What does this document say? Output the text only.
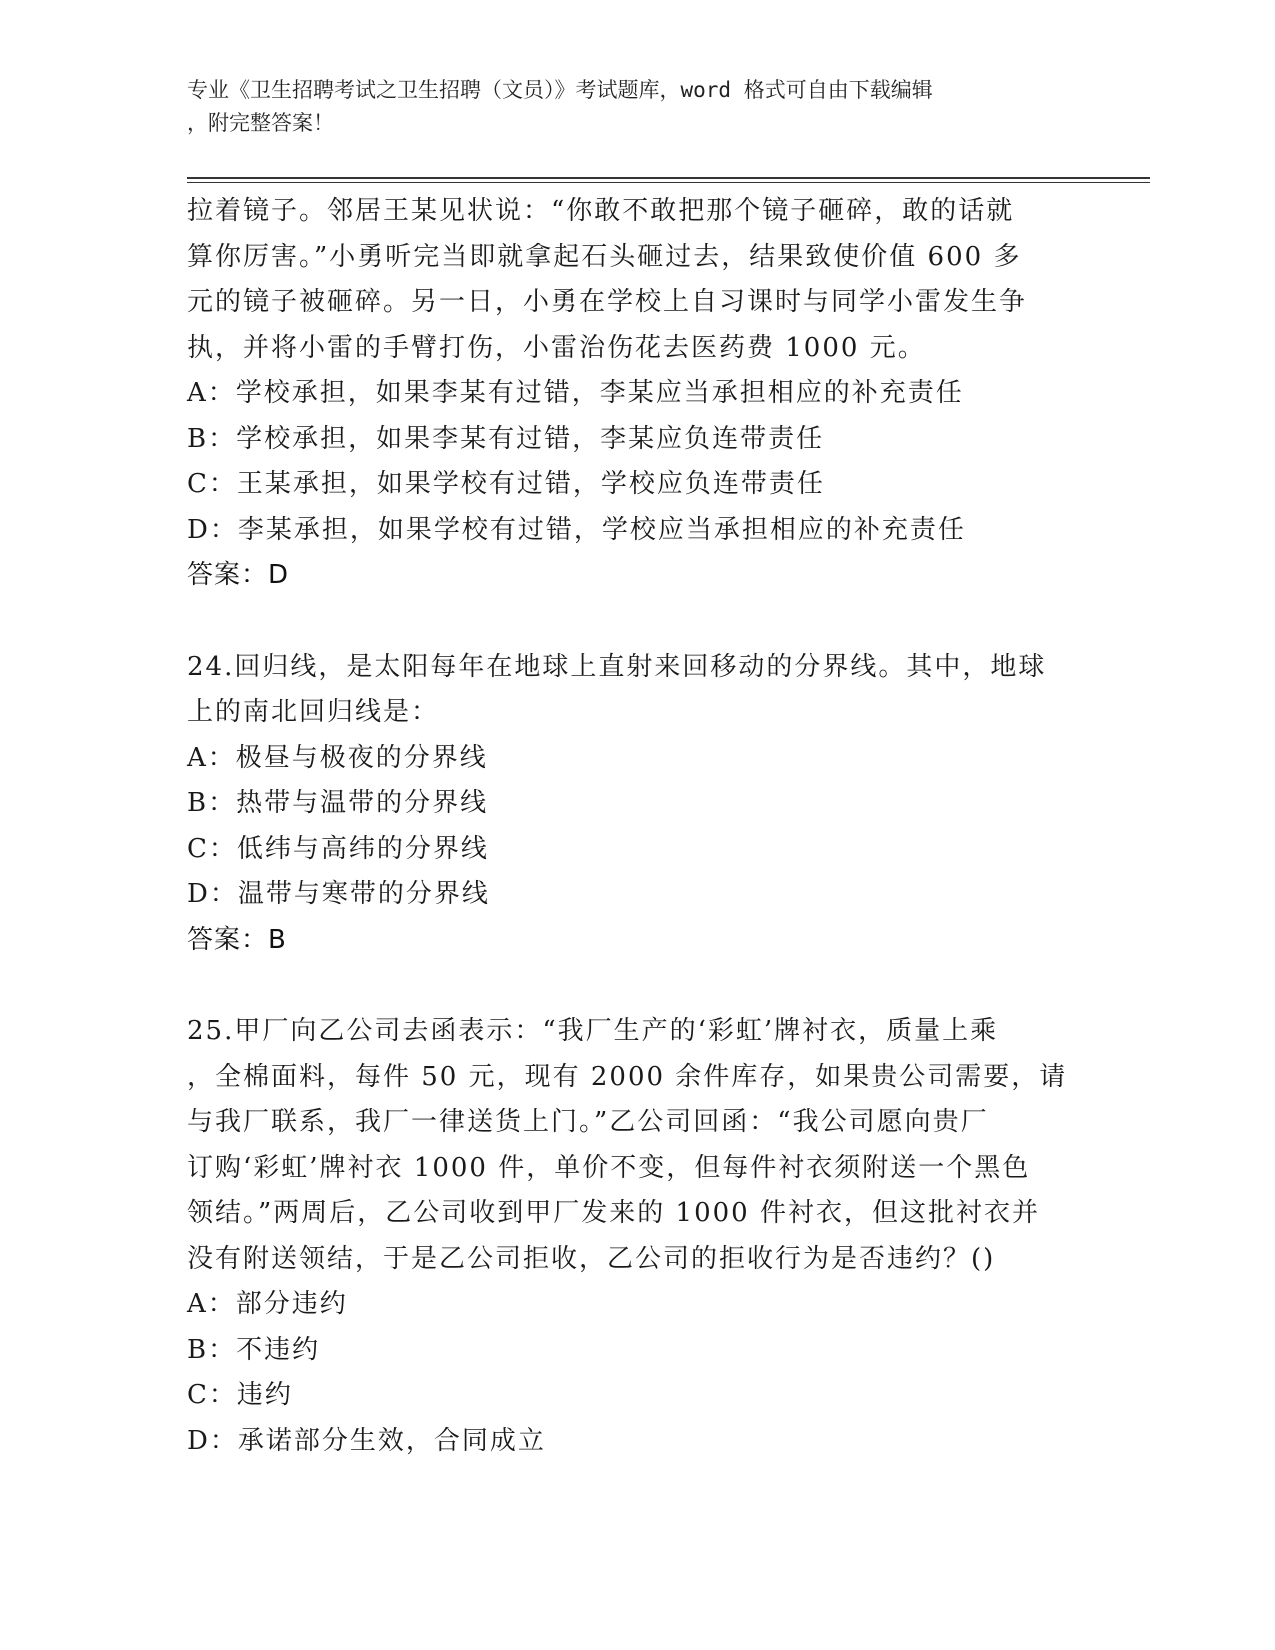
专业《卫生招聘考试之卫生招聘（文员）》考试题库，word 格式可自由下载编辑
，附完整答案！
拉着镜子。邻居王某见状说：“你敢不敢把那个镜子砸碎，敢的话就
算你厉害。”小勇听完当即就拿起石头砸过去，结果致使价值 600 多
元的镜子被砸碎。另一日，小勇在学校上自习课时与同学小雷发生争
执，并将小雷的手臂打伤，小雷治伤花去医药费 1000 元。
A：学校承担，如果李某有过错，李某应当承担相应的补充责任
B：学校承担，如果李某有过错，李某应负连带责任
C：王某承担，如果学校有过错，学校应负连带责任
D：李某承担，如果学校有过错，学校应当承担相应的补充责任
答案：D
24.回归线，是太阳每年在地球上直射来回移动的分界线。其中，地球
上的南北回归线是：
A：极昼与极夜的分界线
B：热带与温带的分界线
C：低纬与高纬的分界线
D：温带与寒带的分界线
答案：B
25.甲厂向乙公司去函表示：“我厂生产的‘彩虹’牌衬衣，质量上乘
，全棉面料，每件 50 元，现有 2000 余件库存，如果贵公司需要，请
与我厂联系，我厂一律送货上门。”乙公司回函：“我公司愿向贵厂
订购‘彩虹’牌衬衣 1000 件，单价不变，但每件衬衣须附送一个黑色
领结。”两周后，乙公司收到甲厂发来的 1000 件衬衣，但这批衬衣并
没有附送领结，于是乙公司拒收，乙公司的拒收行为是否违约？()
A：部分违约
B：不违约
C：违约
D：承诺部分生效，合同成立
